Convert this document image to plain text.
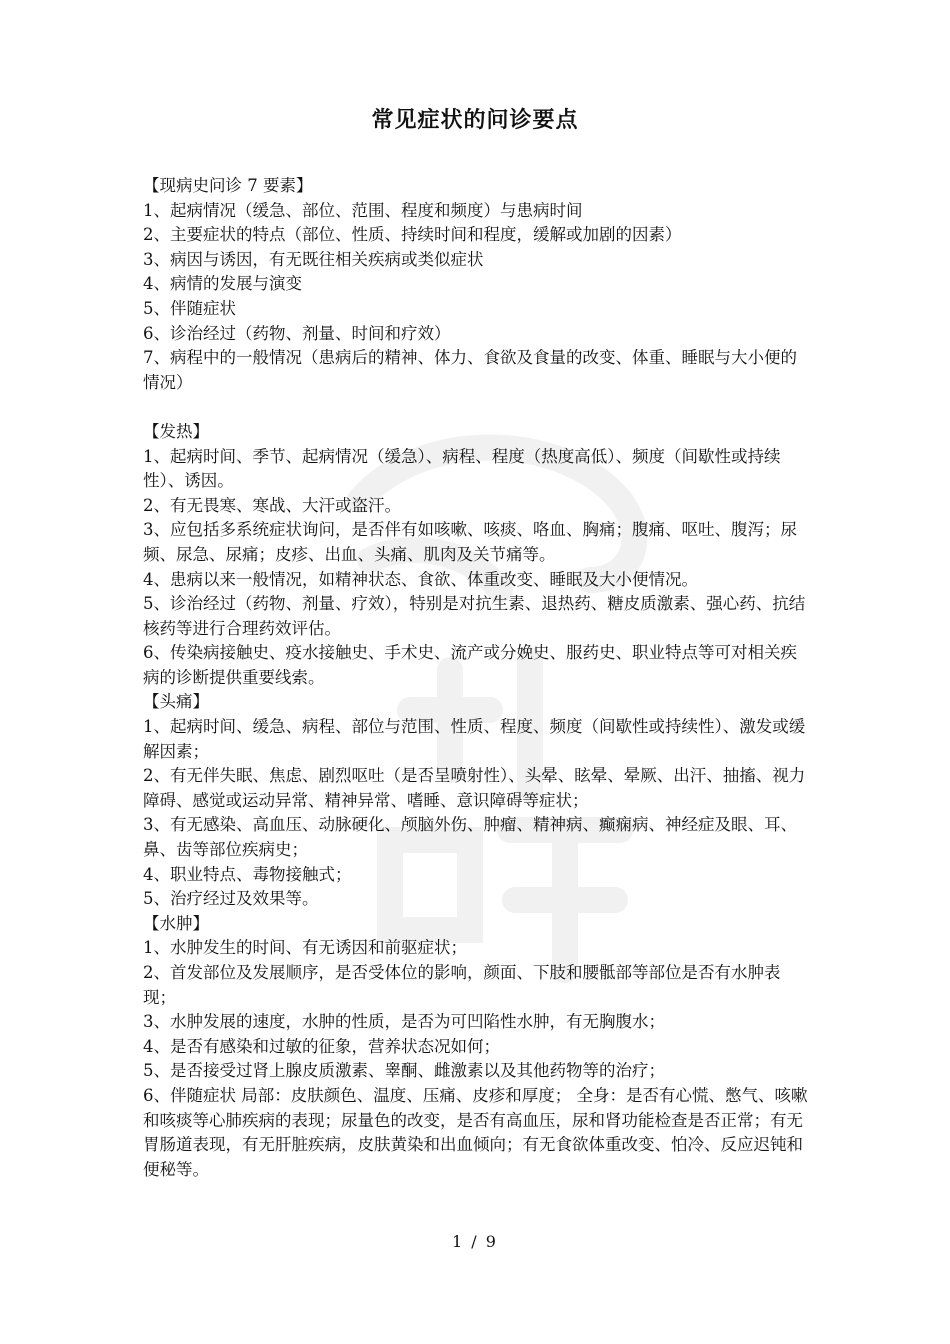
常见症状的问诊要点
【现病史问诊 7 要素】
1、起病情况（缓急、部位、范围、程度和频度）与患病时间
2、主要症状的特点（部位、性质、持续时间和程度，缓解或加剧的因素）
3、病因与诱因，有无既往相关疾病或类似症状
4、病情的发展与演变
5、伴随症状
6、诊治经过（药物、剂量、时间和疗效）
7、病程中的一般情况（患病后的精神、体力、食欲及食量的改变、体重、睡眠与大小便的情况）
【发热】
1、起病时间、季节、起病情况（缓急）、病程、程度（热度高低）、频度（间歇性或持续性）、诱因。
2、有无畏寒、寒战、大汗或盗汗。
3、应包括多系统症状询问，是否伴有如咳嗽、咳痰、咯血、胸痛；腹痛、呕吐、腹泻；尿频、尿急、尿痛；皮疹、出血、头痛、肌肉及关节痛等。
4、患病以来一般情况，如精神状态、食欲、体重改变、睡眠及大小便情况。
5、诊治经过（药物、剂量、疗效），特别是对抗生素、退热药、糖皮质激素、强心药、抗结核药等进行合理药效评估。
6、传染病接触史、疫水接触史、手术史、流产或分娩史、服药史、职业特点等可对相关疾病的诊断提供重要线索。
【头痛】
1、起病时间、缓急、病程、部位与范围、性质、程度、频度（间歇性或持续性）、激发或缓解因素；
2、有无伴失眠、焦虑、剧烈呕吐（是否呈喷射性）、头晕、眩晕、晕厥、出汗、抽搐、视力障碍、感觉或运动异常、精神异常、嗜睡、意识障碍等症状；
3、有无感染、高血压、动脉硬化、颅脑外伤、肿瘤、精神病、癫痫病、神经症及眼、耳、鼻、齿等部位疾病史；
4、职业特点、毒物接触式；
5、治疗经过及效果等。
【水肿】
1、水肿发生的时间、有无诱因和前驱症状；
2、首发部位及发展顺序，是否受体位的影响，颜面、下肢和腰骶部等部位是否有水肿表现；
3、水肿发展的速度，水肿的性质，是否为可凹陷性水肿，有无胸腹水；
4、是否有感染和过敏的征象，营养状态况如何；
5、是否接受过肾上腺皮质激素、睾酮、雌激素以及其他药物等的治疗；
6、伴随症状 局部：皮肤颜色、温度、压痛、皮疹和厚度； 全身：是否有心慌、憋气、咳嗽和咳痰等心肺疾病的表现；尿量色的改变，是否有高血压，尿和肾功能检查是否正常；有无胃肠道表现，有无肝脏疾病，皮肤黄染和出血倾向；有无食欲体重改变、怕冷、反应迟钝和便秘等。
1 / 9
